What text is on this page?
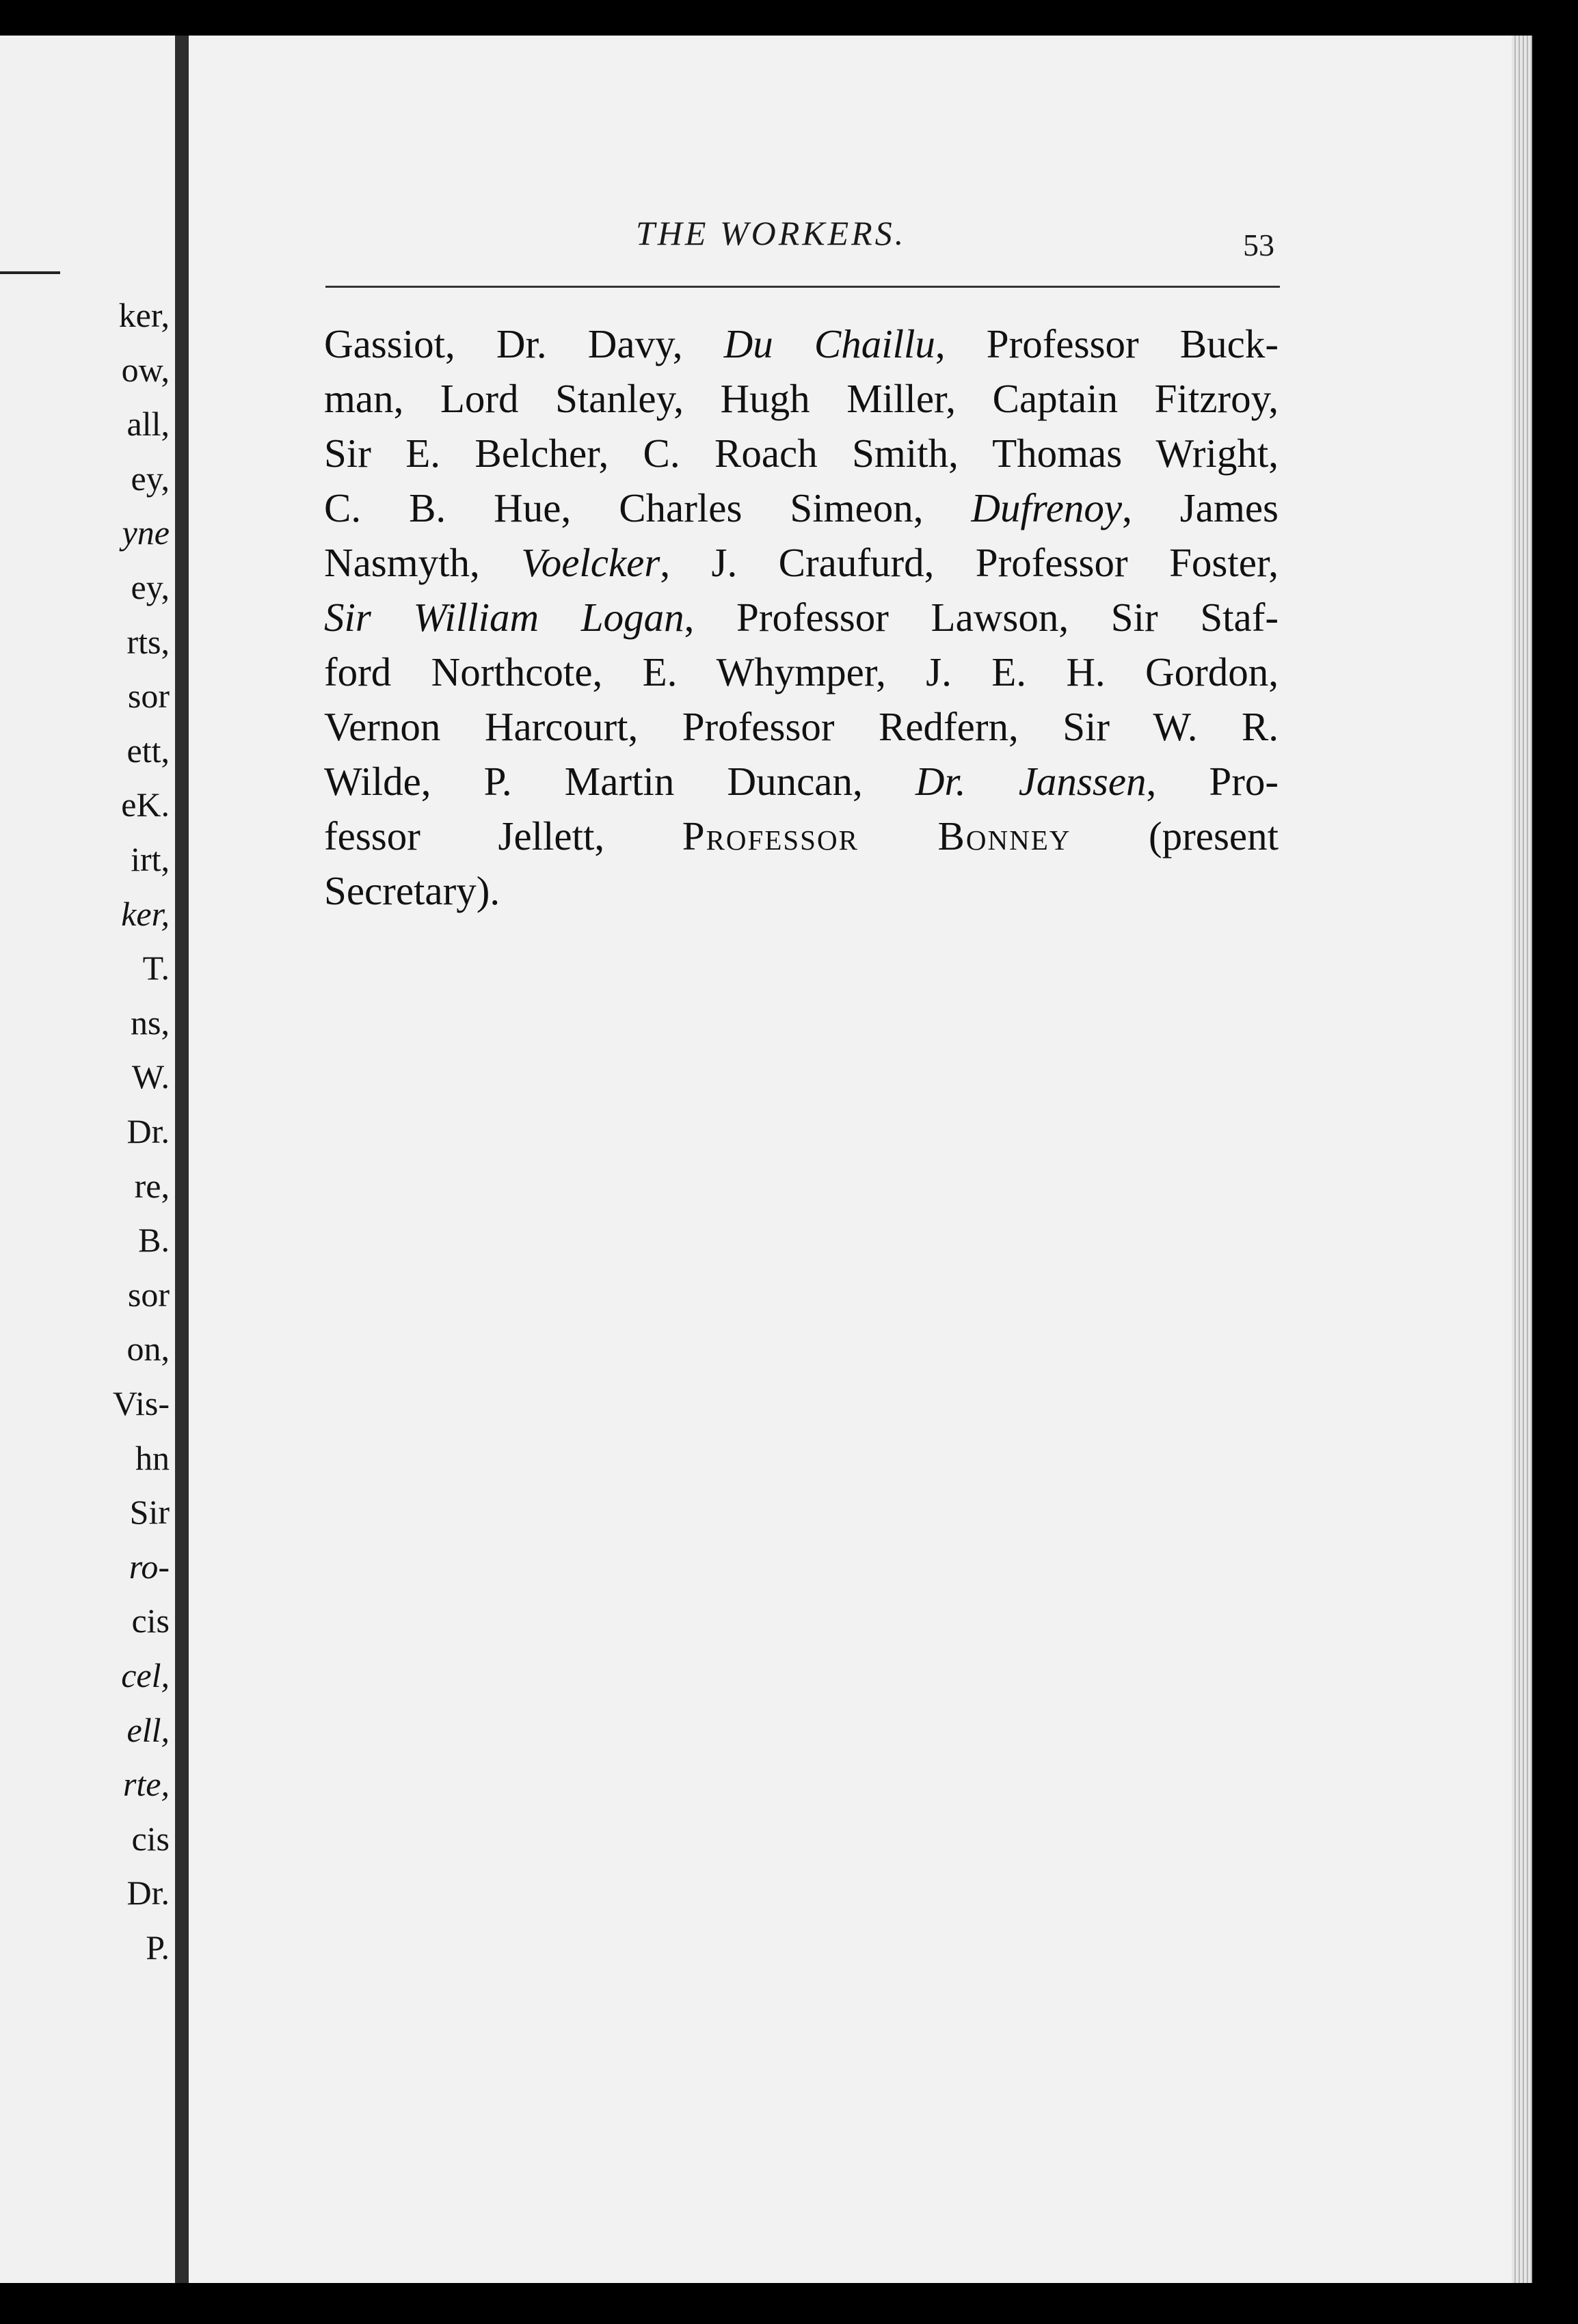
ker,
ow,
all,
ey,
yne
ey,
rts,
sor
ett,
eK.
irt,
ker,
T.
ns,
W.
Dr.
re,
B.
sor
on,
Vis-
hn
Sir
ro-
cis
cel,
ell,
rte,
cis
Dr.
P.
THE WORKERS.	53
Gassiot, Dr. Davy, Du Chaillu, Professor Buck-
man, Lord Stanley, Hugh Miller, Captain Fitzroy,
Sir E. Belcher, C. Roach Smith, Thomas Wright,
C. B. Hue, Charles Simeon, Dufrenoy, James
Nasmyth, Voelcker, J. Craufurd, Professor Foster,
Sir William Logan, Professor Lawson, Sir Staf-
ford Northcote, E. Whymper, J. E. H. Gordon,
Vernon Harcourt, Professor Redfern, Sir W. R.
Wilde, P. Martin Duncan, Dr. Janssen, Pro-
fessor Jellett, Professor Bonney (present
Secretary).
